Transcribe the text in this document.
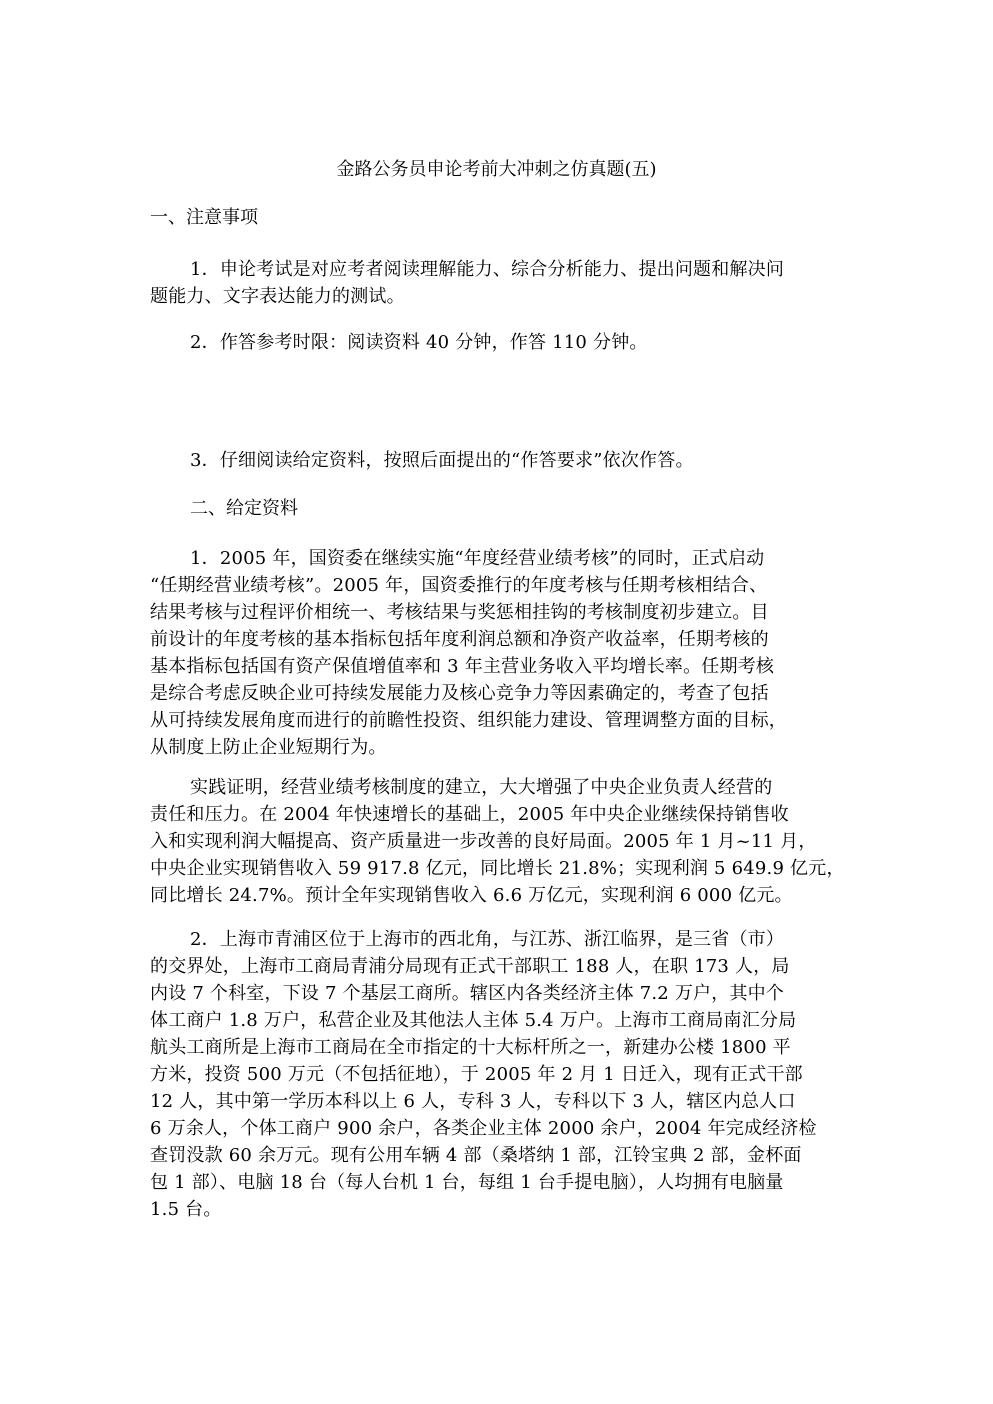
金路公务员申论考前大冲刺之仿真题(五)
一、注意事项
1．申论考试是对应考者阅读理解能力、综合分析能力、提出问题和解决问
题能力、文字表达能力的测试。
2．作答参考时限：阅读资料 40 分钟，作答 110 分钟。
3．仔细阅读给定资料，按照后面提出的“作答要求”依次作答。
二、给定资料
1．2005 年，国资委在继续实施“年度经营业绩考核”的同时，正式启动
“任期经营业绩考核”。2005 年，国资委推行的年度考核与任期考核相结合、
结果考核与过程评价相统一、考核结果与奖惩相挂钩的考核制度初步建立。目
前设计的年度考核的基本指标包括年度利润总额和净资产收益率，任期考核的
基本指标包括国有资产保值增值率和 3 年主营业务收入平均增长率。任期考核
是综合考虑反映企业可持续发展能力及核心竞争力等因素确定的，考查了包括
从可持续发展角度而进行的前瞻性投资、组织能力建设、管理调整方面的目标，
从制度上防止企业短期行为。
实践证明，经营业绩考核制度的建立，大大增强了中央企业负责人经营的
责任和压力。在 2004 年快速增长的基础上，2005 年中央企业继续保持销售收
入和实现利润大幅提高、资产质量进一步改善的良好局面。2005 年 1 月~11 月，
中央企业实现销售收入 59 917.8 亿元，同比增长 21.8%；实现利润 5 649.9 亿元，
同比增长 24.7%。预计全年实现销售收入 6.6 万亿元，实现利润 6 000 亿元。
2．上海市青浦区位于上海市的西北角，与江苏、浙江临界，是三省（市）
的交界处，上海市工商局青浦分局现有正式干部职工 188 人，在职 173 人，局
内设 7 个科室，下设 7 个基层工商所。辖区内各类经济主体 7.2 万户，其中个
体工商户 1.8 万户，私营企业及其他法人主体 5.4 万户。上海市工商局南汇分局
航头工商所是上海市工商局在全市指定的十大标杆所之一，新建办公楼 1800 平
方米，投资 500 万元（不包括征地），于 2005 年 2 月 1 日迁入，现有正式干部
12 人，其中第一学历本科以上 6 人，专科 3 人，专科以下 3 人，辖区内总人口
6 万余人，个体工商户 900 余户，各类企业主体 2000 余户，2004 年完成经济检
查罚没款 60 余万元。现有公用车辆 4 部（桑塔纳 1 部，江铃宝典 2 部，金杯面
包 1 部）、电脑 18 台（每人台机 1 台，每组 1 台手提电脑），人均拥有电脑量
1.5 台。
